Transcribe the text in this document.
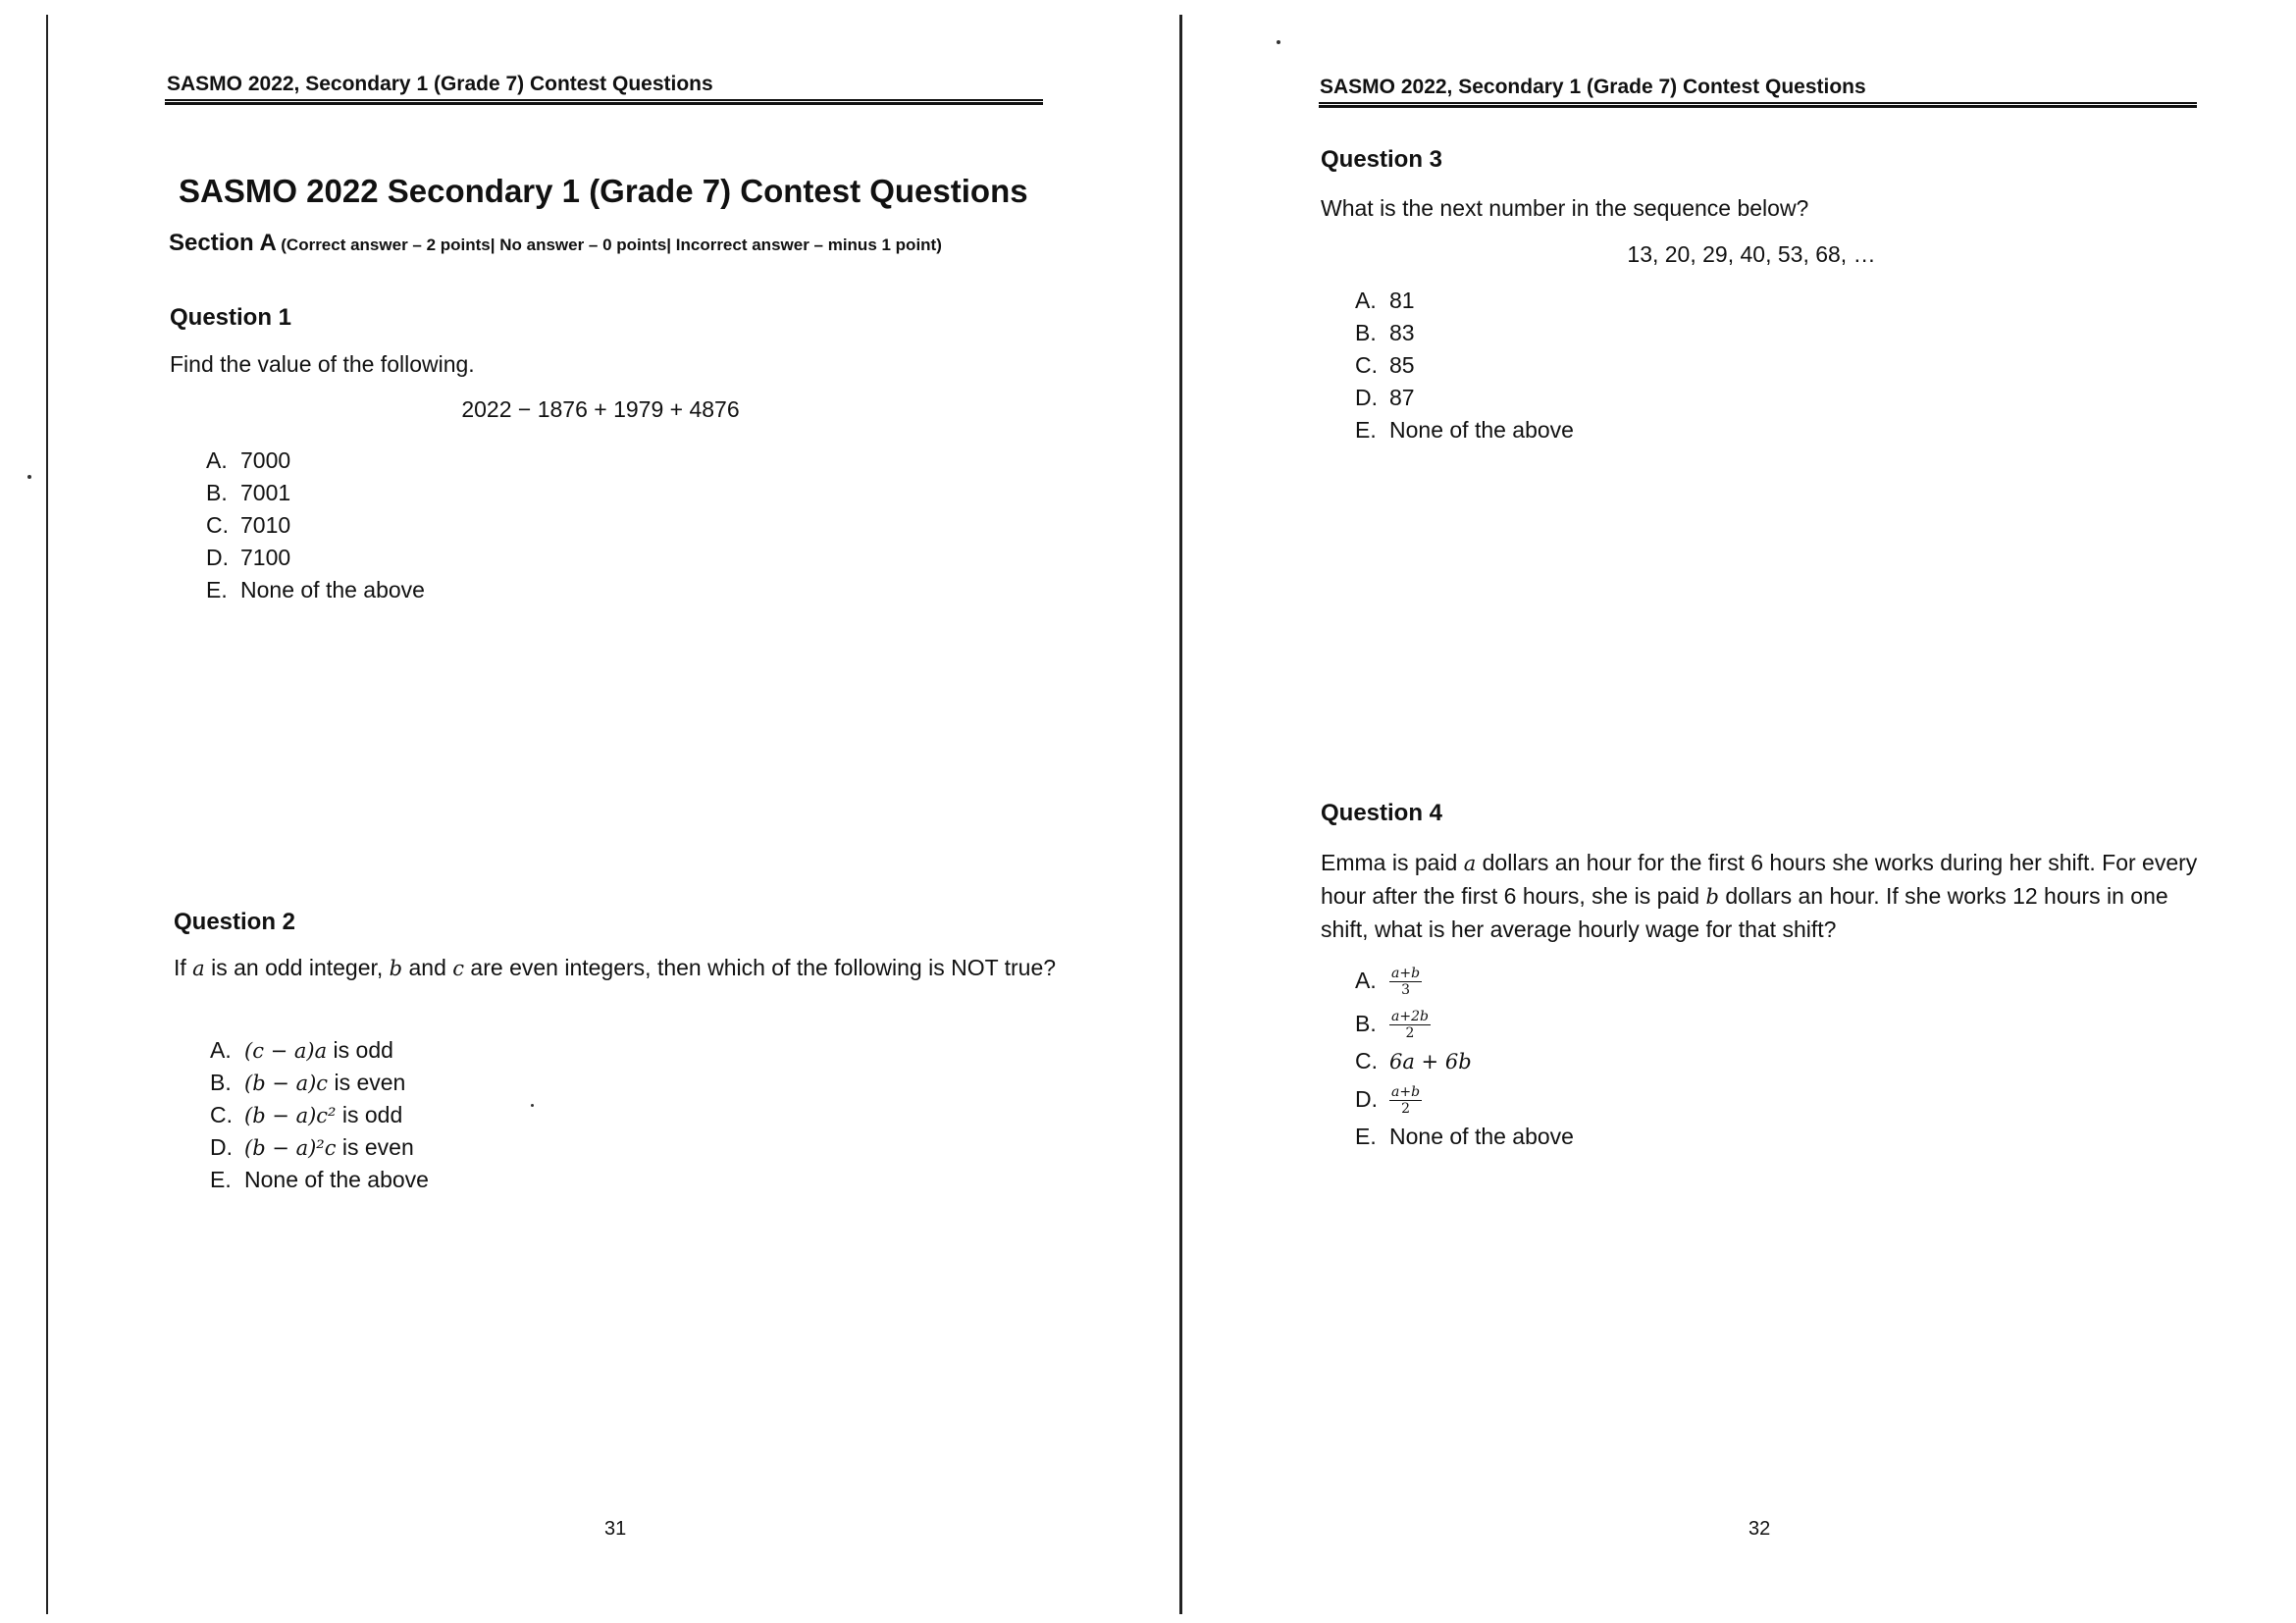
SASMO 2022, Secondary 1 (Grade 7) Contest Questions
SASMO 2022 Secondary 1 (Grade 7) Contest Questions
Section A (Correct answer – 2 points| No answer – 0 points| Incorrect answer – minus 1 point)
Question 1
Find the value of the following.
2022 − 1876 + 1979 + 4876
A. 7000
B. 7001
C. 7010
D. 7100
E. None of the above
Question 2
If a is an odd integer, b and c are even integers, then which of the following is NOT true?
A. (c − a)a is odd
B. (b − a)c is even
C. (b − a)c² is odd
D. (b − a)²c is even
E. None of the above
31
SASMO 2022, Secondary 1 (Grade 7) Contest Questions
Question 3
What is the next number in the sequence below?
13, 20, 29, 40, 53, 68, …
A. 81
B. 83
C. 85
D. 87
E. None of the above
Question 4
Emma is paid a dollars an hour for the first 6 hours she works during her shift. For every hour after the first 6 hours, she is paid b dollars an hour. If she works 12 hours in one shift, what is her average hourly wage for that shift?
A. $\frac{a+b}{3}$
B. $\frac{a+2b}{2}$
C. 6a + 6b
D. $\frac{a+b}{2}$
E. None of the above
32
